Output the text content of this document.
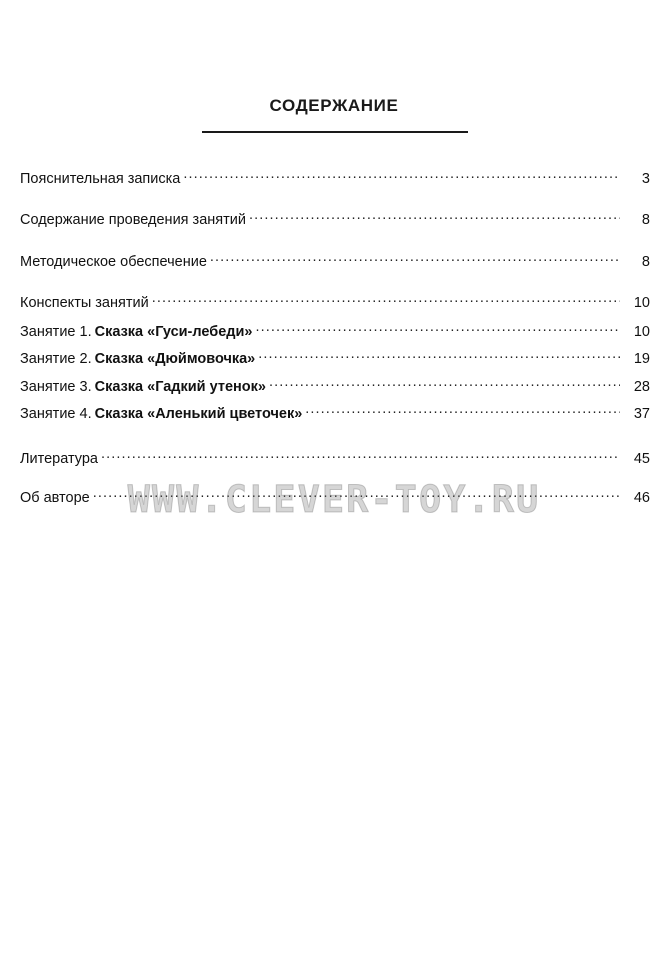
СОДЕРЖАНИЕ
Пояснительная записка .....	3
Содержание проведения занятий .....	8
Методическое обеспечение .....	8
Конспекты занятий .....	10
Занятие 1. Сказка «Гуси-лебеди» .....	10
Занятие 2. Сказка «Дюймовочка» .....	19
Занятие 3. Сказка «Гадкий утенок» .....	28
Занятие 4. Сказка «Аленький цветочек» .....	37
Литература .....	45
Об авторе .....	46
WWW.CLEVER-TOY.RU
